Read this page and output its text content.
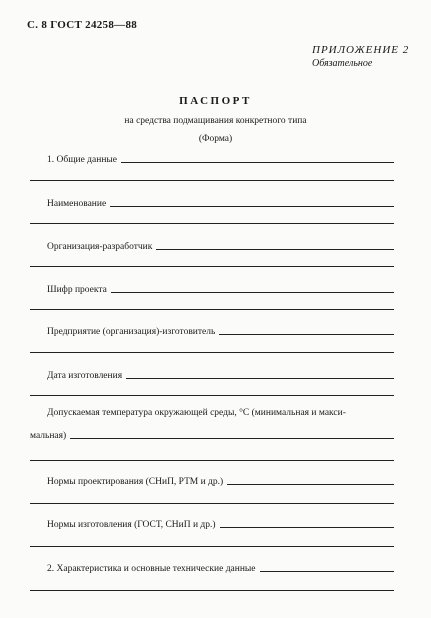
С. 8 ГОСТ 24258—88
ПРИЛОЖЕНИЕ 2
Обязательное
ПАСПОРТ
на средства подмащивания конкретного типа
(Форма)
1. Общие данные
Наименование
Организация-разработчик
Шифр проекта
Предприятие (организация)-изготовитель
Дата изготовления
Допускаемая температура окружающей среды, °С (минимальная и макси-
мальная)
Нормы проектирования (СНиП, РТМ и др.)
Нормы изготовления (ГОСТ, СНиП и др.)
2. Характеристика и основные технические данные
